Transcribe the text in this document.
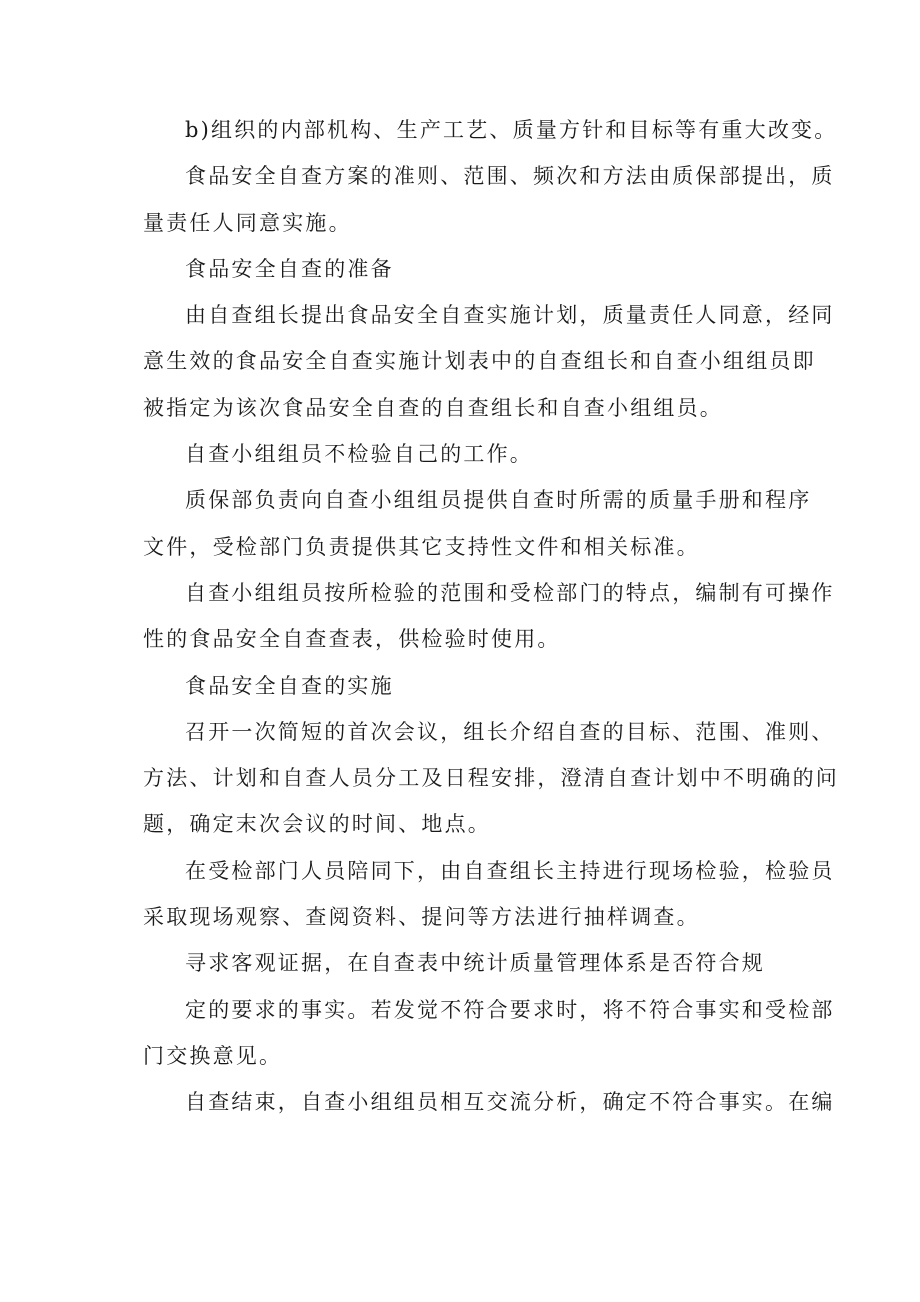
b)组织的内部机构、生产工艺、质量方针和目标等有重大改变。

食品安全自查方案的准则、范围、频次和方法由质保部提出，质

量责任人同意实施。

食品安全自查的准备

由自查组长提出食品安全自查实施计划，质量责任人同意，经同

意生效的食品安全自查实施计划表中的自查组长和自查小组组员即

被指定为该次食品安全自查的自查组长和自查小组组员。

自查小组组员不检验自己的工作。

质保部负责向自查小组组员提供自查时所需的质量手册和程序

文件，受检部门负责提供其它支持性文件和相关标准。

自查小组组员按所检验的范围和受检部门的特点，编制有可操作

性的食品安全自查查表，供检验时使用。

食品安全自查的实施

召开一次简短的首次会议，组长介绍自查的目标、范围、准则、

方法、计划和自查人员分工及日程安排，澄清自查计划中不明确的问

题，确定末次会议的时间、地点。

在受检部门人员陪同下，由自查组长主持进行现场检验，检验员

采取现场观察、查阅资料、提问等方法进行抽样调查。

寻求客观证据，在自查表中统计质量管理体系是否符合规

定的要求的事实。若发觉不符合要求时，将不符合事实和受检部

门交换意见。

自查结束，自查小组组员相互交流分析，确定不符合事实。在编
